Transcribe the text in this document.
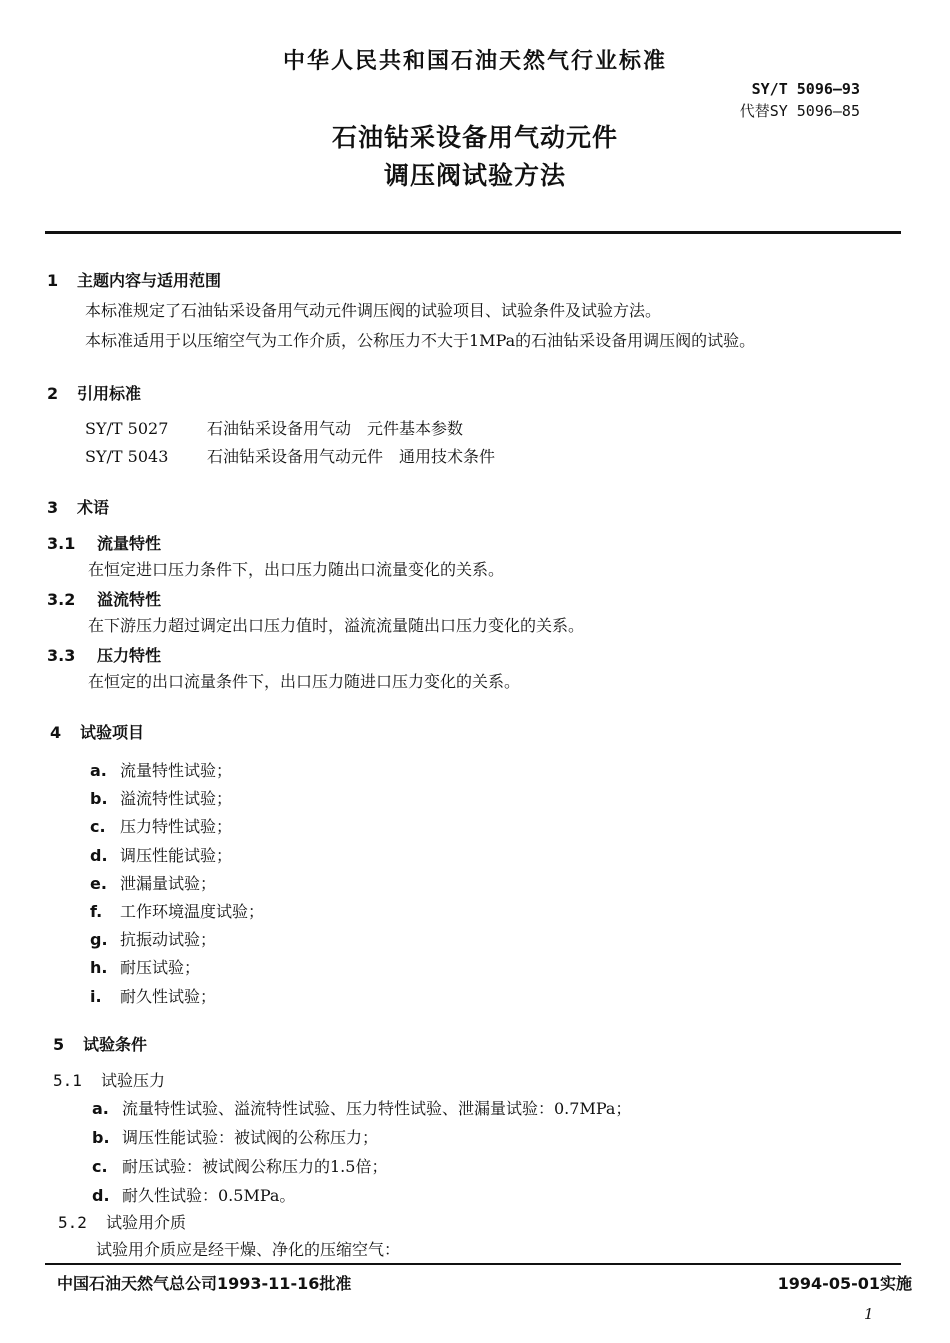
中华人民共和国石油天然气行业标准
SY/T 5096—93
代替SY 5096—85
石油钻采设备用气动元件
调压阀试验方法
1 主题内容与适用范围
本标准规定了石油钻采设备用气动元件调压阀的试验项目、试验条件及试验方法。
本标准适用于以压缩空气为工作介质，公称压力不大于1MPa的石油钻采设备用调压阀的试验。
2 引用标准
SY/T 5027 石油钻采设备用气动　元件基本参数
SY/T 5043 石油钻采设备用气动元件　通用技术条件
3 术语
3.1 流量特性
在恒定进口压力条件下，出口压力随出口流量变化的关系。
3.2 溢流特性
在下游压力超过调定出口压力值时，溢流流量随出口压力变化的关系。
3.3 压力特性
在恒定的出口流量条件下，出口压力随进口压力变化的关系。
4 试验项目
a. 流量特性试验；
b. 溢流特性试验；
c. 压力特性试验；
d. 调压性能试验；
e. 泄漏量试验；
f. 工作环境温度试验；
g. 抗振动试验；
h. 耐压试验；
i. 耐久性试验；
5 试验条件
5.1 试验压力
a. 流量特性试验、溢流特性试验、压力特性试验、泄漏量试验：0.7MPa；
b. 调压性能试验：被试阀的公称压力；
c. 耐压试验：被试阀公称压力的1.5倍；
d. 耐久性试验：0.5MPa。
5.2 试验用介质
试验用介质应是经干燥、净化的压缩空气：
中国石油天然气总公司1993-11-16批准	1994-05-01实施
1
